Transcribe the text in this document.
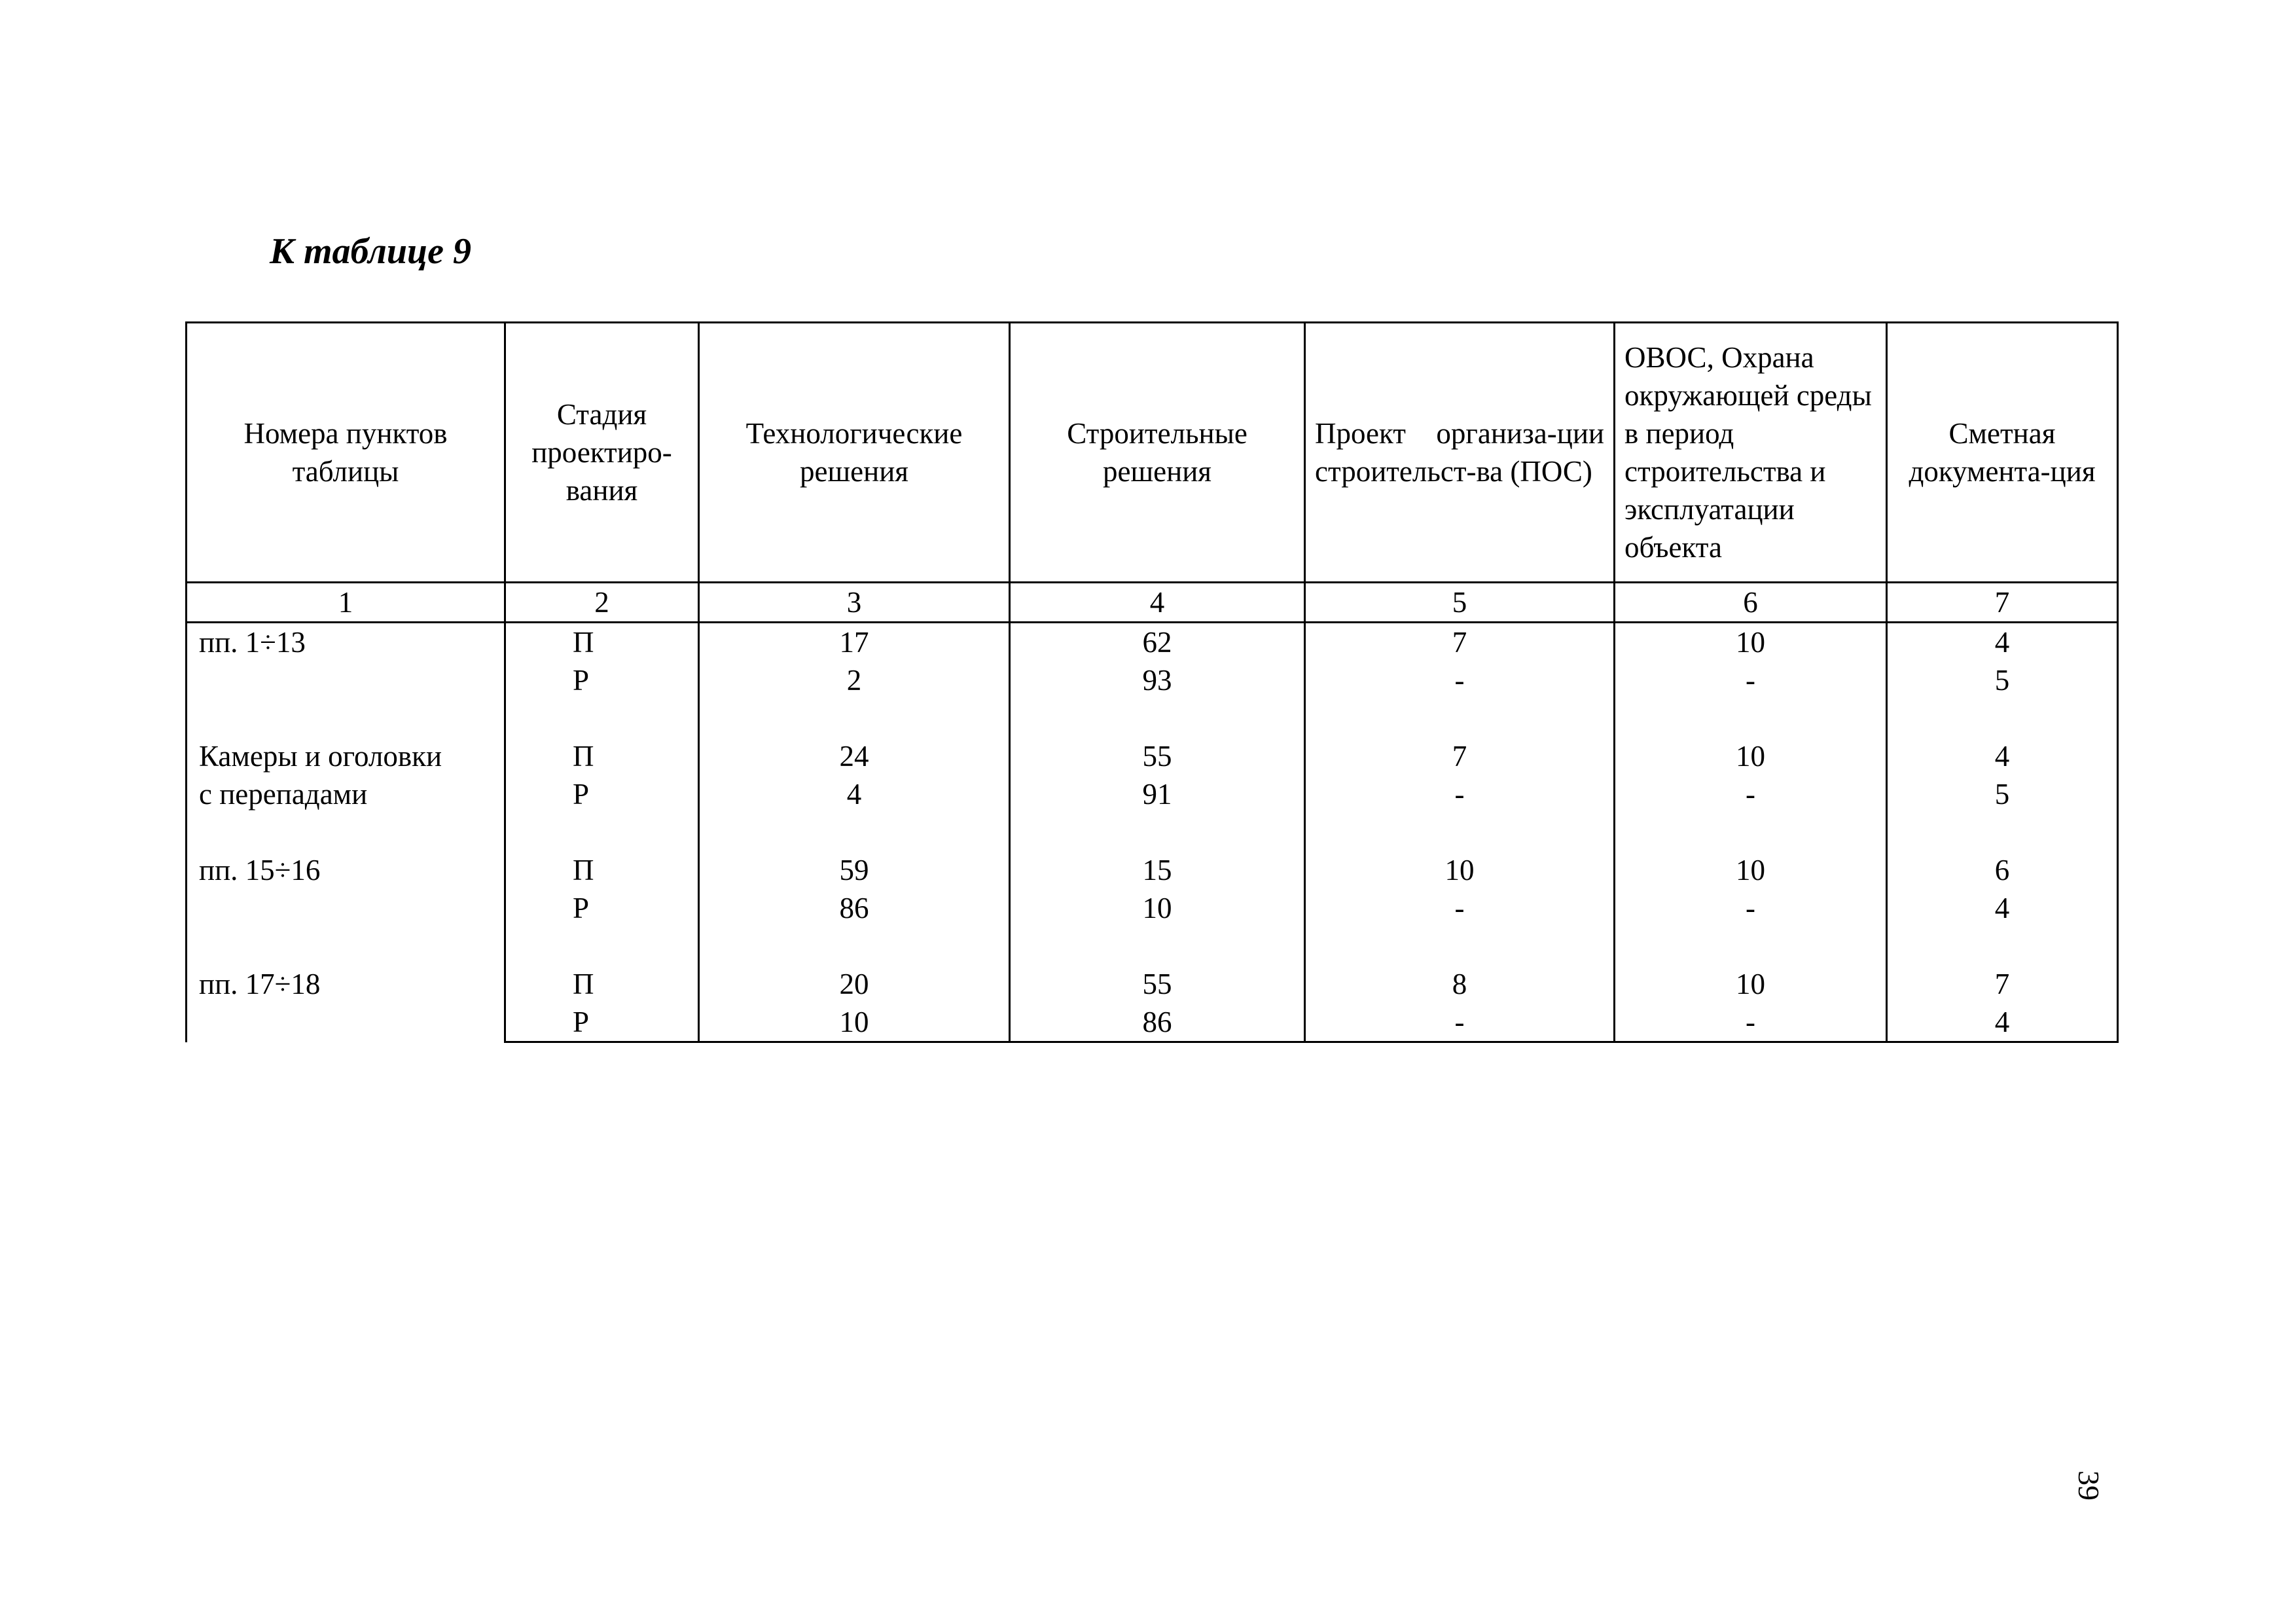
К таблице 9
Номера пунктов таблицы	Стадия проектиро-вания	Технологические решения	Строительные решения	Проект организа-ции строительст-ва (ПОС)	ОВОС, Охрана окружающей среды в период строительства и эксплуатации объекта	Сметная документа-ция
1	2	3	4	5	6	7

пп. 1÷13	П	17	62	7	10	4
	Р	2	93	-	-	5

Камеры и оголовки
с перепадами	П	24	55	7	10	4
	Р	4	91	-	-	5

пп. 15÷16	П	59	15	10	10	6
	Р	86	10	-	-	4

пп. 17÷18	П	20	55	8	10	7
	Р	10	86	-	-	4
39
